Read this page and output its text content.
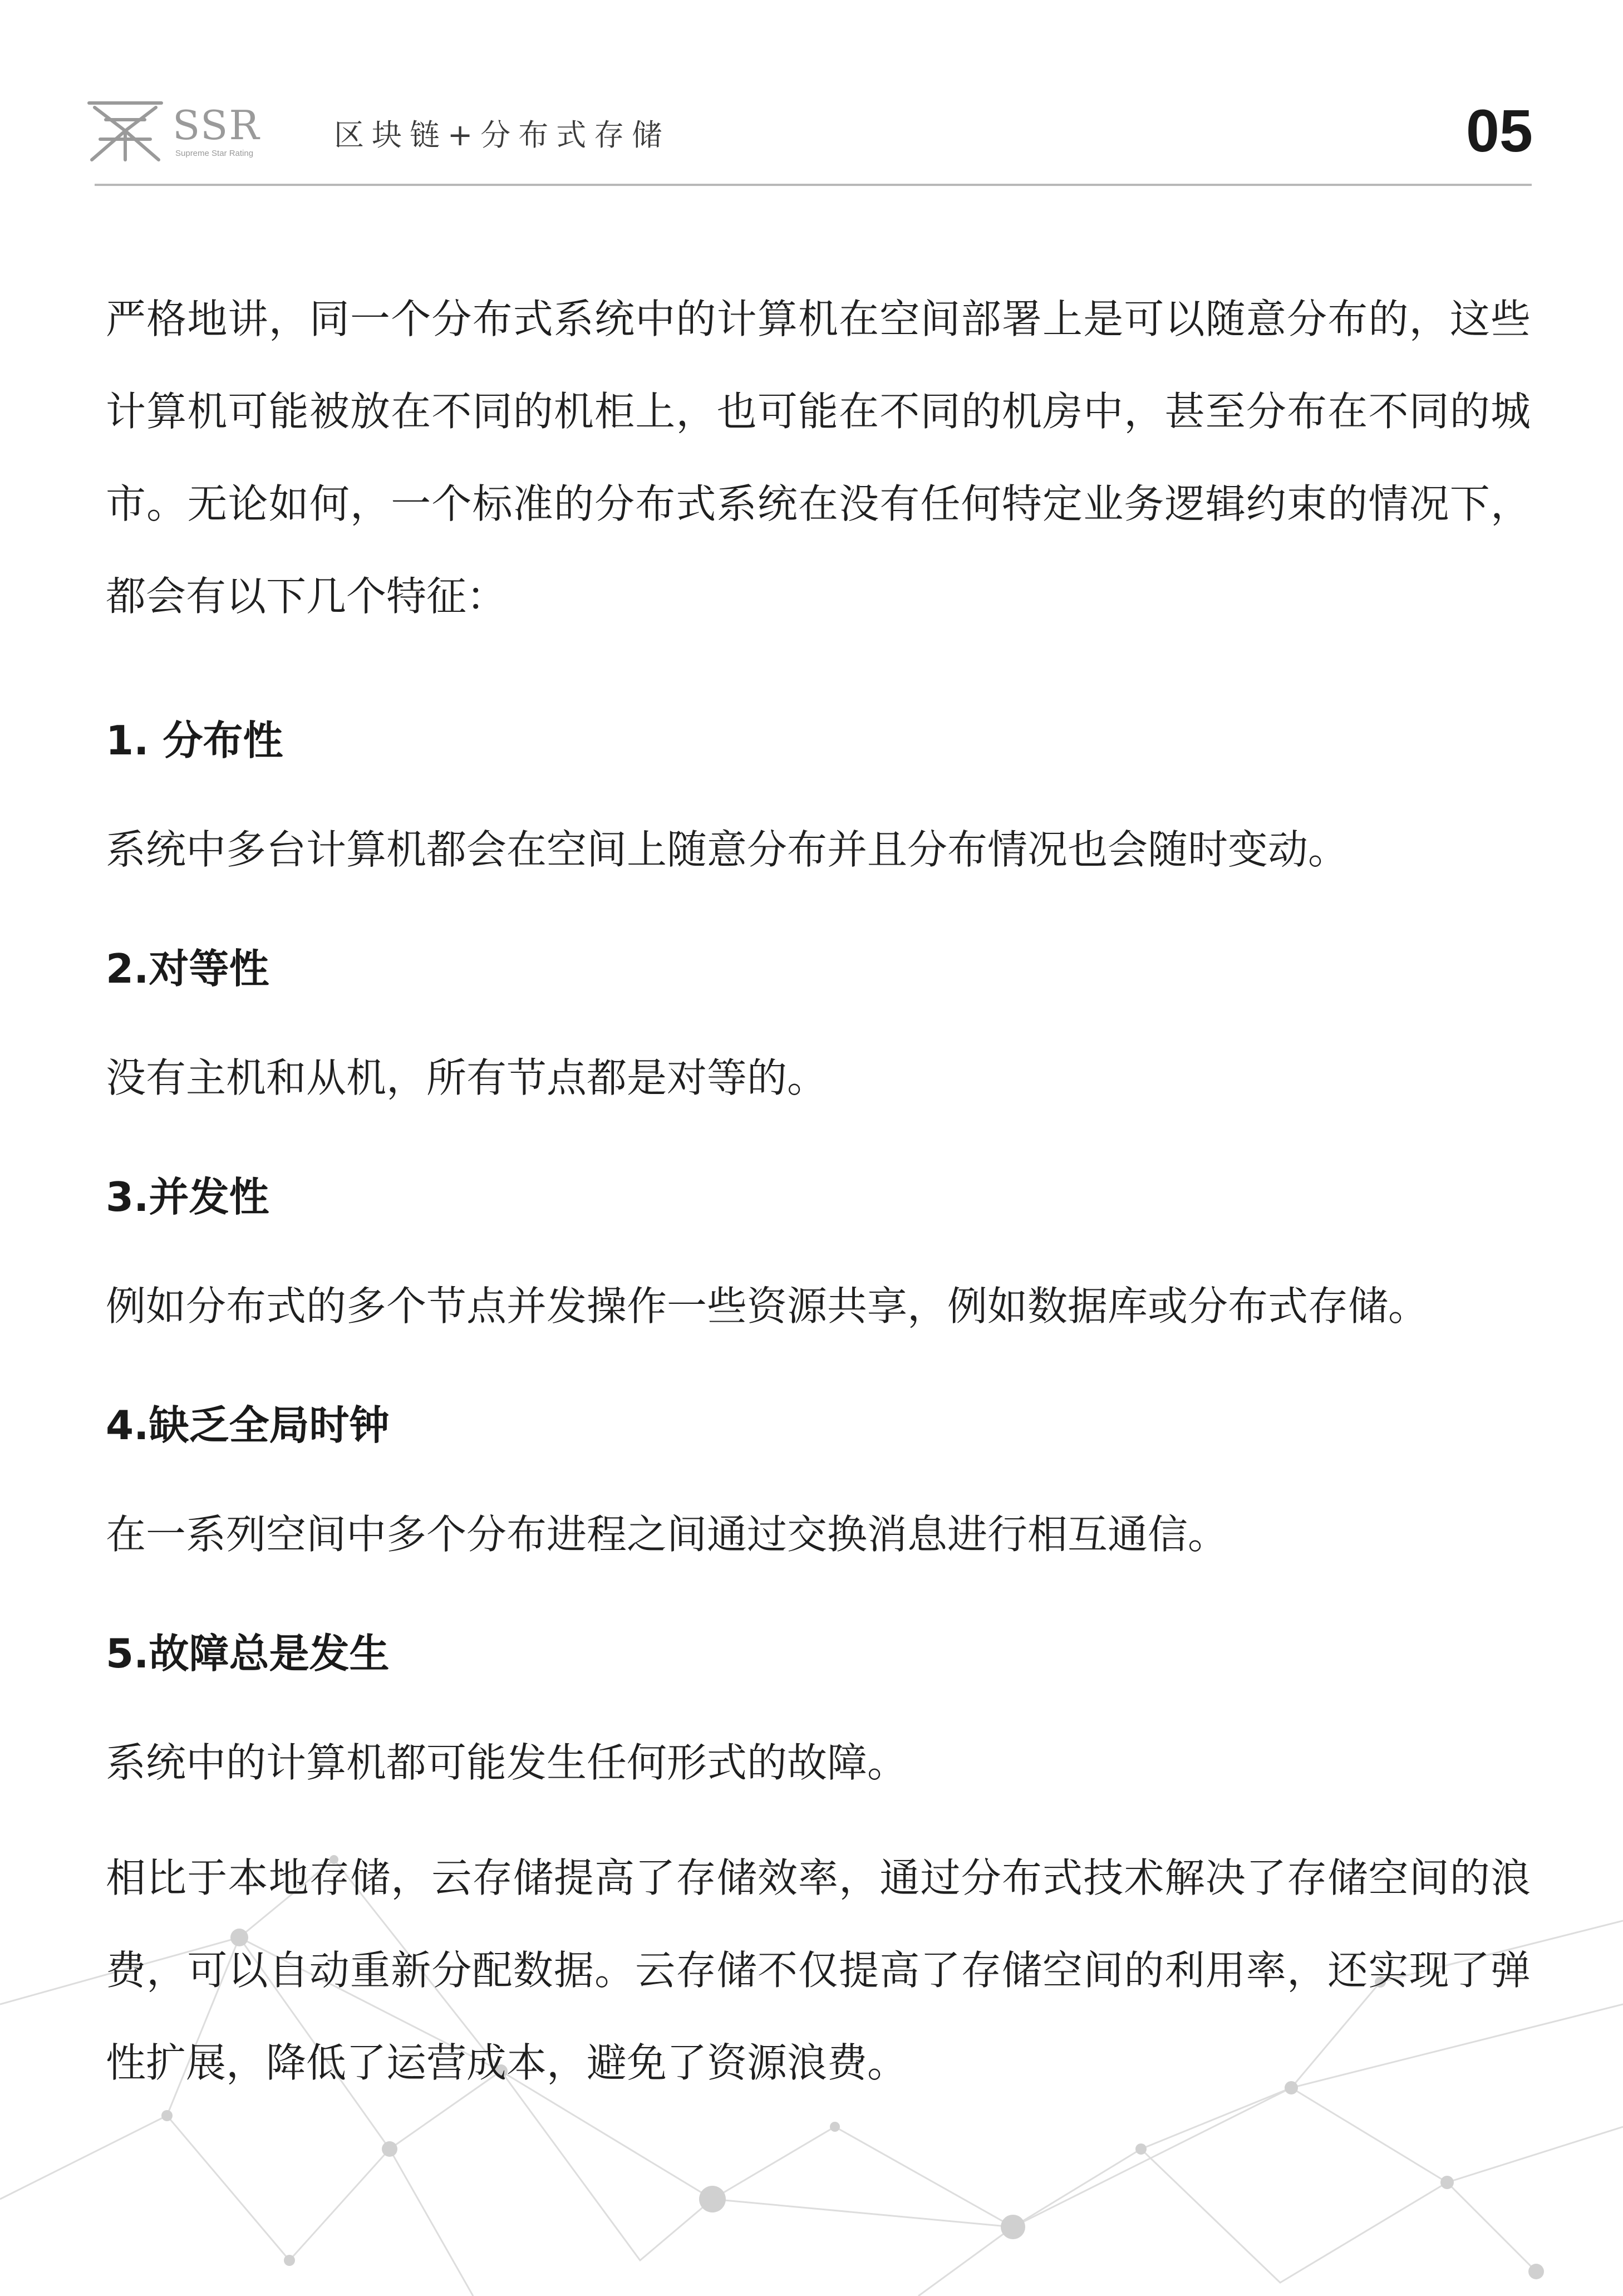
SSR
Supreme Star Rating
区块链+分布式存储	05

严格地讲，同一个分布式系统中的计算机在空间部署上是可以随意分布的，这些计算机可能被放在不同的机柜上，也可能在不同的机房中，甚至分布在不同的城市。无论如何，一个标准的分布式系统在没有任何特定业务逻辑约束的情况下，都会有以下几个特征：

1. 分布性

系统中多台计算机都会在空间上随意分布并且分布情况也会随时变动。

2.对等性

没有主机和从机，所有节点都是对等的。

3.并发性

例如分布式的多个节点并发操作一些资源共享，例如数据库或分布式存储。

4.缺乏全局时钟

在一系列空间中多个分布进程之间通过交换消息进行相互通信。

5.故障总是发生

系统中的计算机都可能发生任何形式的故障。

相比于本地存储，云存储提高了存储效率，通过分布式技术解决了存储空间的浪费，可以自动重新分配数据。云存储不仅提高了存储空间的利用率，还实现了弹性扩展，降低了运营成本，避免了资源浪费。
